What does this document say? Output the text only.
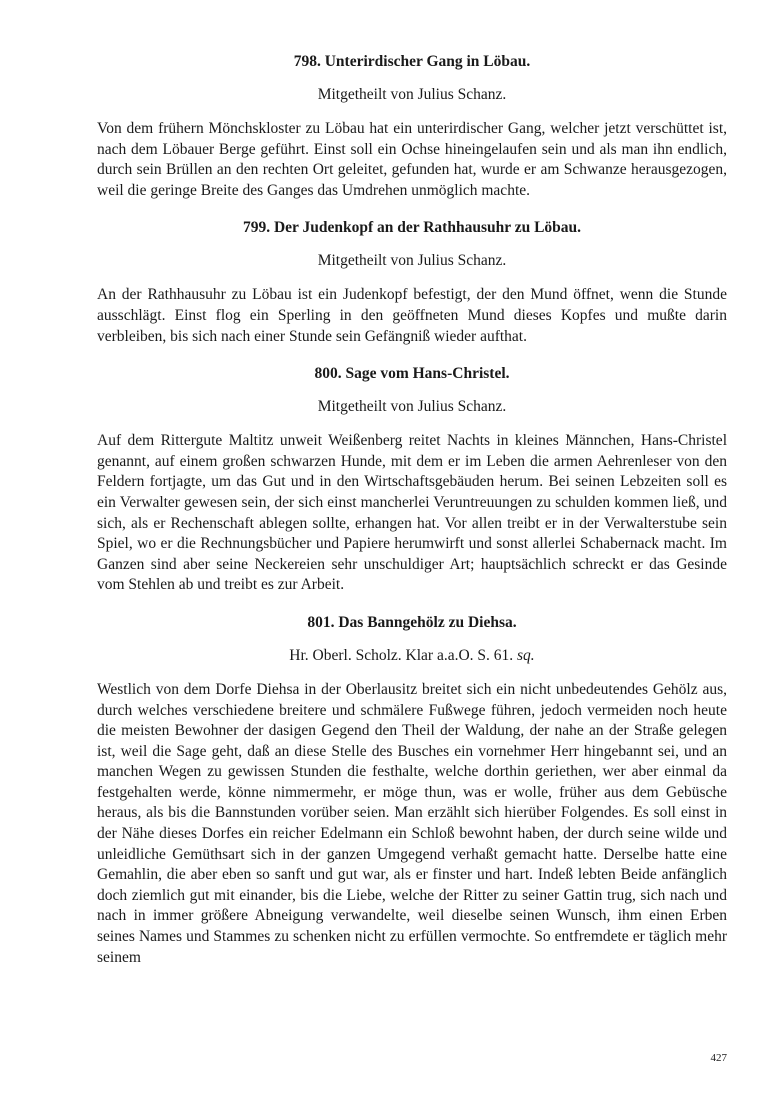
798. Unterirdischer Gang in Löbau.
Mitgetheilt von Julius Schanz.
Von dem frühern Mönchskloster zu Löbau hat ein unterirdischer Gang, welcher jetzt verschüttet ist, nach dem Löbauer Berge geführt. Einst soll ein Ochse hineingelaufen sein und als man ihn endlich, durch sein Brüllen an den rechten Ort geleitet, gefunden hat, wurde er am Schwanze herausgezogen, weil die geringe Breite des Ganges das Umdrehen unmöglich machte.
799. Der Judenkopf an der Rathhausuhr zu Löbau.
Mitgetheilt von Julius Schanz.
An der Rathhausuhr zu Löbau ist ein Judenkopf befestigt, der den Mund öffnet, wenn die Stunde ausschlägt. Einst flog ein Sperling in den geöffneten Mund dieses Kopfes und mußte darin verbleiben, bis sich nach einer Stunde sein Gefängniß wieder aufthat.
800. Sage vom Hans-Christel.
Mitgetheilt von Julius Schanz.
Auf dem Rittergute Maltitz unweit Weißenberg reitet Nachts in kleines Männchen, Hans-Christel genannt, auf einem großen schwarzen Hunde, mit dem er im Leben die armen Aehrenleser von den Feldern fortjagte, um das Gut und in den Wirtschaftsgebäuden herum. Bei seinen Lebzeiten soll es ein Verwalter gewesen sein, der sich einst mancherlei Veruntreuungen zu schulden kommen ließ, und sich, als er Rechenschaft ablegen sollte, erhangen hat. Vor allen treibt er in der Verwalterstube sein Spiel, wo er die Rechnungsbücher und Papiere herumwirft und sonst allerlei Schabernack macht. Im Ganzen sind aber seine Neckereien sehr unschuldiger Art; hauptsächlich schreckt er das Gesinde vom Stehlen ab und treibt es zur Arbeit.
801. Das Banngehölz zu Diehsa.
Hr. Oberl. Scholz. Klar a.a.O. S. 61. sq.
Westlich von dem Dorfe Diehsa in der Oberlausitz breitet sich ein nicht unbedeutendes Gehölz aus, durch welches verschiedene breitere und schmälere Fußwege führen, jedoch vermeiden noch heute die meisten Bewohner der dasigen Gegend den Theil der Waldung, der nahe an der Straße gelegen ist, weil die Sage geht, daß an diese Stelle des Busches ein vornehmer Herr hingebannt sei, und an manchen Wegen zu gewissen Stunden die festhalte, welche dorthin geriethen, wer aber einmal da festgehalten werde, könne nimmermehr, er möge thun, was er wolle, früher aus dem Gebüsche heraus, als bis die Bannstunden vorüber seien. Man erzählt sich hierüber Folgendes. Es soll einst in der Nähe dieses Dorfes ein reicher Edelmann ein Schloß bewohnt haben, der durch seine wilde und unleidliche Gemüthsart sich in der ganzen Umgegend verhaßt gemacht hatte. Derselbe hatte eine Gemahlin, die aber eben so sanft und gut war, als er finster und hart. Indeß lebten Beide anfänglich doch ziemlich gut mit einander, bis die Liebe, welche der Ritter zu seiner Gattin trug, sich nach und nach in immer größere Abneigung verwandelte, weil dieselbe seinen Wunsch, ihm einen Erben seines Names und Stammes zu schenken nicht zu erfüllen vermochte. So entfremdete er täglich mehr seinem
427
